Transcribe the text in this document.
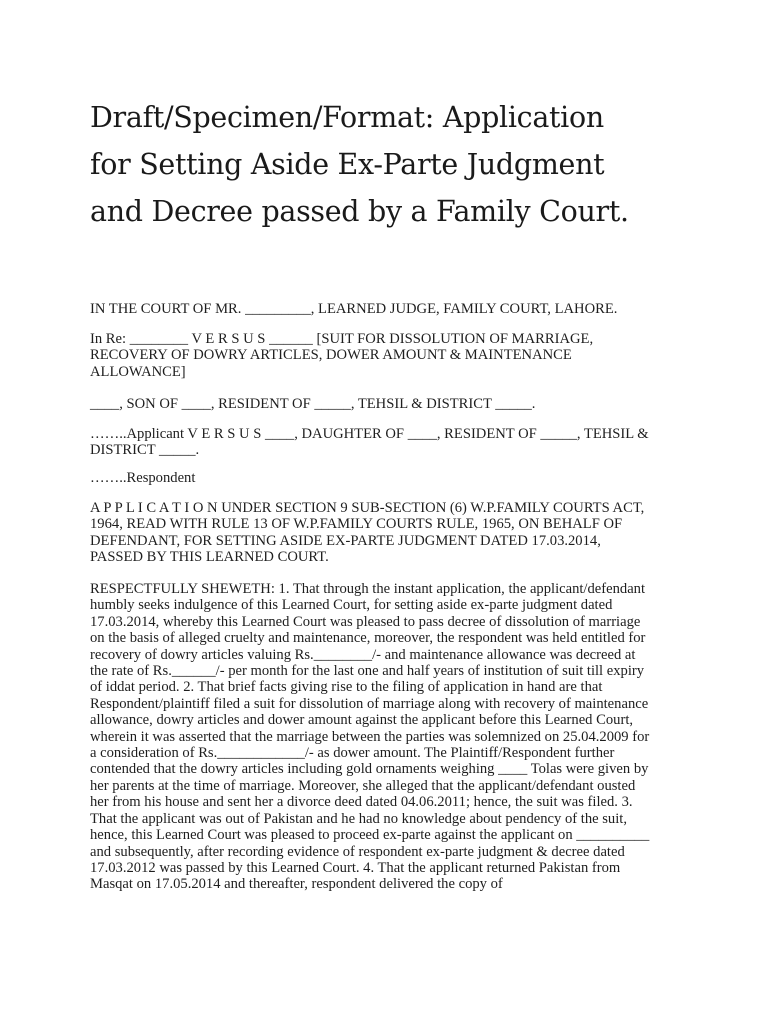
Draft/Specimen/Format: Application for Setting Aside Ex-Parte Judgment and Decree passed by a Family Court.

IN THE COURT OF MR. _________, LEARNED JUDGE, FAMILY COURT, LAHORE.

In Re: ________ V E R S U S ______ [SUIT FOR DISSOLUTION OF MARRIAGE, RECOVERY OF DOWRY ARTICLES, DOWER AMOUNT & MAINTENANCE ALLOWANCE]

____, SON OF ____, RESIDENT OF _____, TEHSIL & DISTRICT _____.

……..Applicant V E R S U S ____, DAUGHTER OF ____, RESIDENT OF _____, TEHSIL & DISTRICT _____.

……..Respondent

A P P L I C A T I O N UNDER SECTION 9 SUB-SECTION (6) W.P.FAMILY COURTS ACT, 1964, READ WITH RULE 13 OF W.P.FAMILY COURTS RULE, 1965, ON BEHALF OF DEFENDANT, FOR SETTING ASIDE EX-PARTE JUDGMENT DATED 17.03.2014, PASSED BY THIS LEARNED COURT.

RESPECTFULLY SHEWETH: 1. That through the instant application, the applicant/defendant humbly seeks indulgence of this Learned Court, for setting aside ex-parte judgment dated 17.03.2014, whereby this Learned Court was pleased to pass decree of dissolution of marriage on the basis of alleged cruelty and maintenance, moreover, the respondent was held entitled for recovery of dowry articles valuing Rs.________/- and maintenance allowance was decreed at the rate of Rs.______/- per month for the last one and half years of institution of suit till expiry of iddat period. 2. That brief facts giving rise to the filing of application in hand are that Respondent/plaintiff filed a suit for dissolution of marriage along with recovery of maintenance allowance, dowry articles and dower amount against the applicant before this Learned Court, wherein it was asserted that the marriage between the parties was solemnized on 25.04.2009 for a consideration of Rs.____________/- as dower amount. The Plaintiff/Respondent further contended that the dowry articles including gold ornaments weighing ____ Tolas were given by her parents at the time of marriage. Moreover, she alleged that the applicant/defendant ousted her from his house and sent her a divorce deed dated 04.06.2011; hence, the suit was filed. 3. That the applicant was out of Pakistan and he had no knowledge about pendency of the suit, hence, this Learned Court was pleased to proceed ex-parte against the applicant on __________ and subsequently, after recording evidence of respondent ex-parte judgment & decree dated 17.03.2012 was passed by this Learned Court. 4. That the applicant returned Pakistan from Masqat on 17.05.2014 and thereafter, respondent delivered the copy of
